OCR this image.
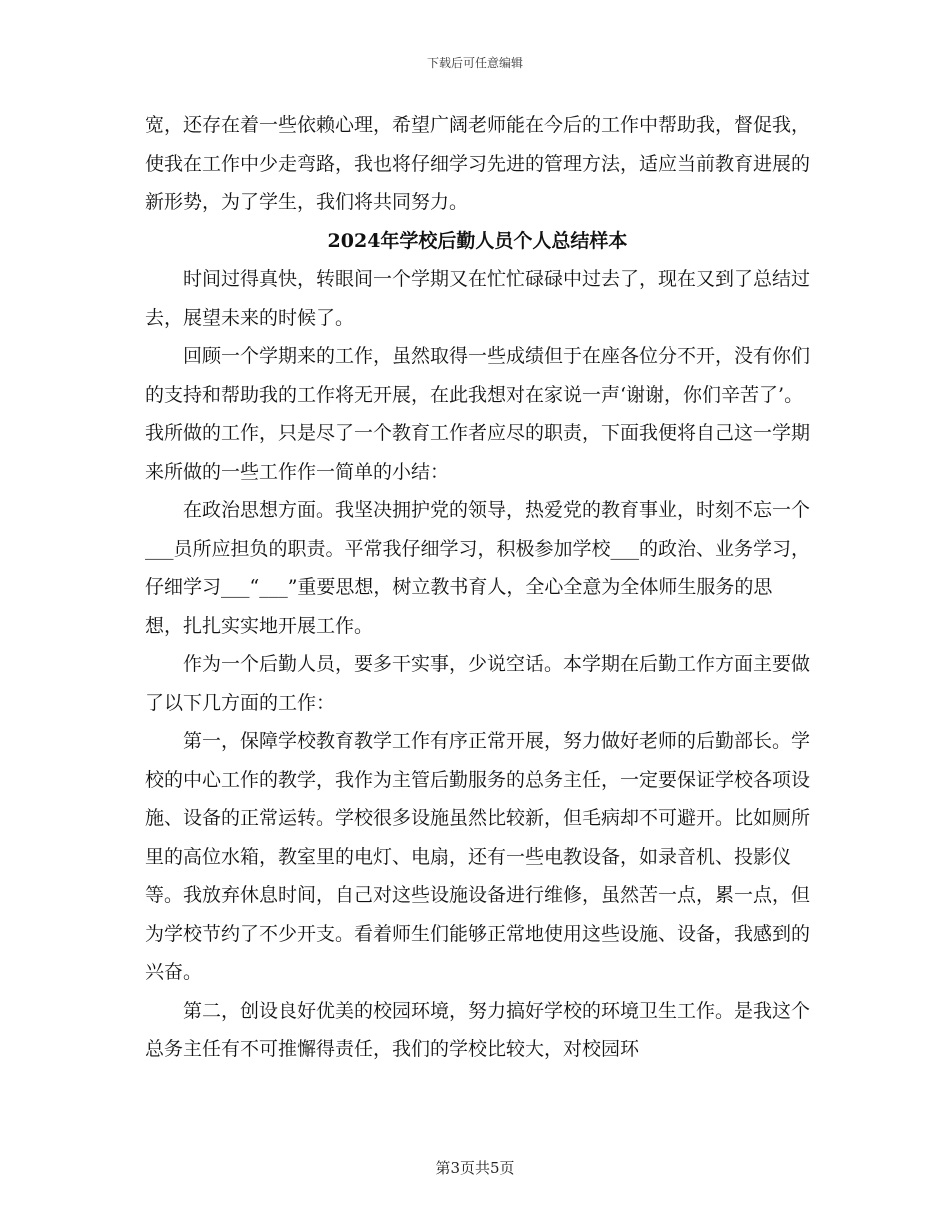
下载后可任意编辑

宽，还存在着一些依赖心理，希望广阔老师能在今后的工作中帮助我，督促我，使我在工作中少走弯路，我也将仔细学习先进的管理方法，适应当前教育进展的新形势，为了学生，我们将共同努力。

2024年学校后勤人员个人总结样本

时间过得真快，转眼间一个学期又在忙忙碌碌中过去了，现在又到了总结过去，展望未来的时候了。

回顾一个学期来的工作，虽然取得一些成绩但于在座各位分不开，没有你们的支持和帮助我的工作将无开展，在此我想对在家说一声‘谢谢，你们辛苦了’。我所做的工作，只是尽了一个教育工作者应尽的职责，下面我便将自己这一学期来所做的一些工作作一简单的小结：

在政治思想方面。我坚决拥护党的领导，热爱党的教育事业，时刻不忘一个___员所应担负的职责。平常我仔细学习，积极参加学校___的政治、业务学习，仔细学习___“___”重要思想，树立教书育人，全心全意为全体师生服务的思想，扎扎实实地开展工作。

作为一个后勤人员，要多干实事，少说空话。本学期在后勤工作方面主要做了以下几方面的工作：

第一，保障学校教育教学工作有序正常开展，努力做好老师的后勤部长。学校的中心工作的教学，我作为主管后勤服务的总务主任，一定要保证学校各项设施、设备的正常运转。学校很多设施虽然比较新，但毛病却不可避开。比如厕所里的高位水箱，教室里的电灯、电扇，还有一些电教设备，如录音机、投影仪等。我放弃休息时间，自己对这些设施设备进行维修，虽然苦一点，累一点，但为学校节约了不少开支。看着师生们能够正常地使用这些设施、设备，我感到的兴奋。

第二，创设良好优美的校园环境，努力搞好学校的环境卫生工作。是我这个总务主任有不可推懈得责任，我们的学校比较大，对校园环

第3页共5页
